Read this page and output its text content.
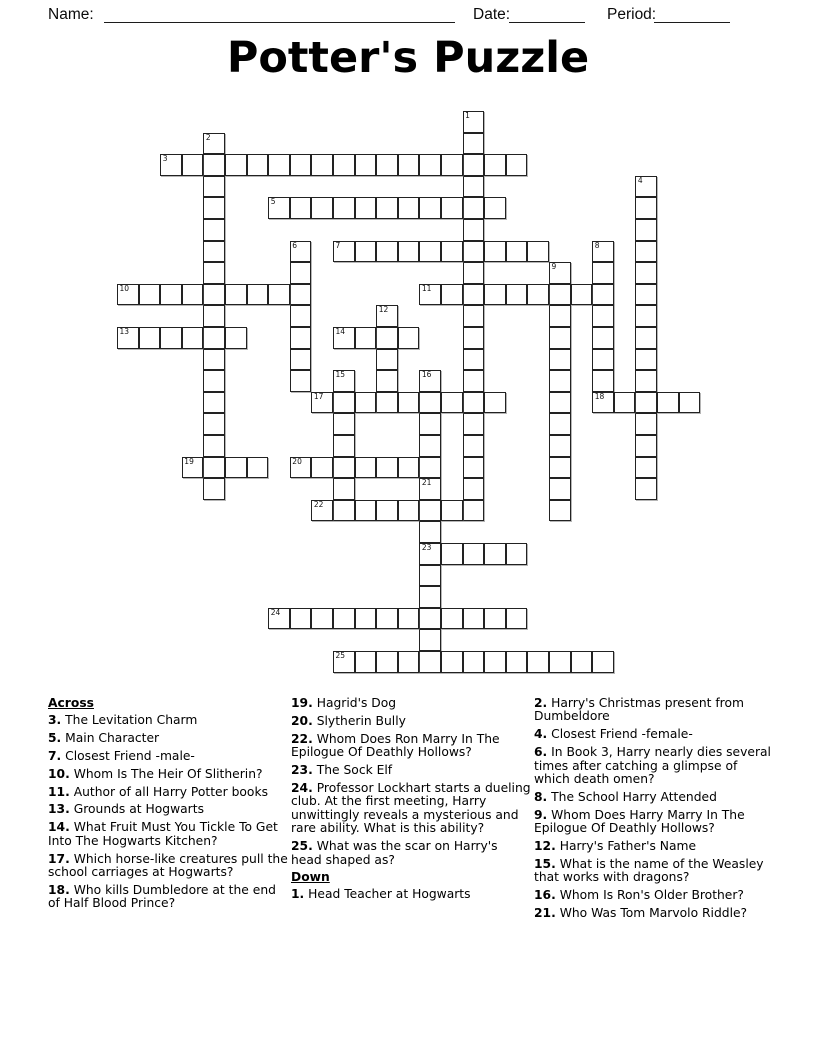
Name:	Date:	Period:
Potter's Puzzle
1
2
3
4
5
6	7	8
18
9
10	11
12
13	14
15	16
17
19	20
21
23
22
24
25
Across
3. The Levitation Charm
5. Main Character
7. Closest Friend -male-
10. Whom Is The Heir Of Slitherin?
11. Author of all Harry Potter books
13. Grounds at Hogwarts
14. What Fruit Must You Tickle To Get Into The Hogwarts Kitchen?
17. Which horse-like creatures pull the school carriages at Hogwarts?
18. Who kills Dumbledore at the end of Half Blood Prince?
19. Hagrid's Dog
20. Slytherin Bully
22. Whom Does Ron Marry In The Epilogue Of Deathly Hollows?
23. The Sock Elf
24. Professor Lockhart starts a dueling club. At the first meeting, Harry unwittingly reveals a mysterious and rare ability. What is this ability?
25. What was the scar on Harry's head shaped as?
Down
1. Head Teacher at Hogwarts
2. Harry's Christmas present from Dumbeldore
4. Closest Friend -female-
6. In Book 3, Harry nearly dies several times after catching a glimpse of which death omen?
8. The School Harry Attended
9. Whom Does Harry Marry In The Epilogue Of Deathly Hollows?
12. Harry's Father's Name
15. What is the name of the Weasley that works with dragons?
16. Whom Is Ron's Older Brother?
21. Who Was Tom Marvolo Riddle?
